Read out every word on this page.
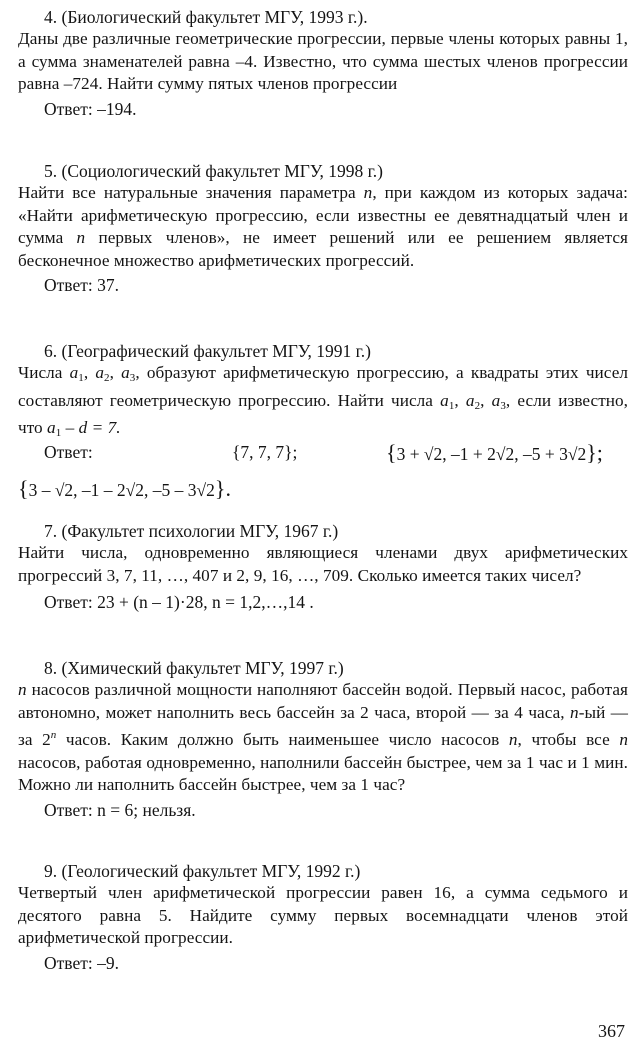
4. (Биологический факультет МГУ, 1993 г.).
Даны две различные геометрические прогрессии, первые члены которых равны 1, а сумма знаменателей равна –4. Известно, что сумма шестых членов прогрессии равна –724. Найти сумму пятых членов прогрессии
Ответ: –194.
5. (Социологический факультет МГУ, 1998 г.)
Найти все натуральные значения параметра n, при каждом из которых задача: «Найти арифметическую прогрессию, если известны ее девятнадцатый член и сумма n первых членов», не имеет решений или ее решением является бесконечное множество арифметических прогрессий.
Ответ: 37.
6. (Географический факультет МГУ, 1991 г.)
Числа $a_1$, $a_2$, $a_3$, образуют арифметическую прогрессию, а квадраты этих чисел составляют геометрическую прогрессию. Найти числа $a_1$, $a_2$, $a_3$, если известно, что $a_1 - d = 7$.
Ответ:	{7, 7, 7};	{3 + √2, –1 + 2√2, –5 + 3√2};
{3 – √2, –1 – 2√2, –5 – 3√2}.
7. (Факультет психологии МГУ, 1967 г.)
Найти числа, одновременно являющиеся членами двух арифметических прогрессий 3, 7, 11, …, 407 и 2, 9, 16, …, 709. Сколько имеется таких чисел?
Ответ: 23 + (n – 1)·28, n = 1,2,…,14 .
8. (Химический факультет МГУ, 1997 г.)
n насосов различной мощности наполняют бассейн водой. Первый насос, работая автономно, может наполнить весь бассейн за 2 часа, второй — за 4 часа, n-ый — за 2$^n$ часов. Каким должно быть наименьшее число насосов n, чтобы все n насосов, работая одновременно, наполнили бассейн быстрее, чем за 1 час и 1 мин. Можно ли наполнить бассейн быстрее, чем за 1 час?
Ответ: n = 6; нельзя.
9. (Геологический факультет МГУ, 1992 г.)
Четвертый член арифметической прогрессии равен 16, а сумма седьмого и десятого равна 5. Найдите сумму первых восемнадцати членов этой арифметической прогрессии.
Ответ: –9.
367
